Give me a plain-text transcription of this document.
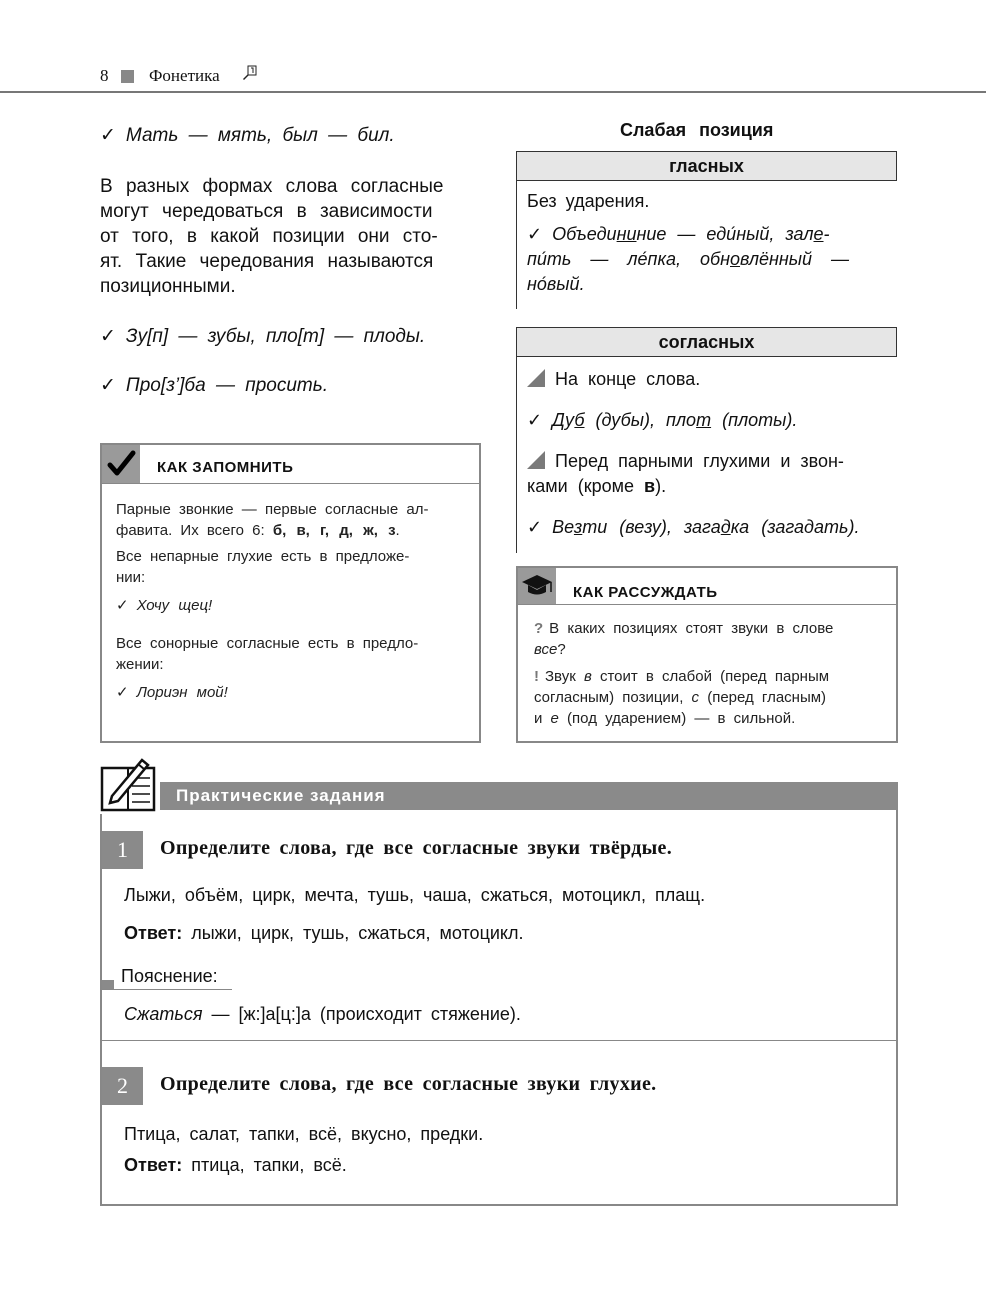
8 Фонетика
✓ Мать — мять, был — бил.
В разных формах слова согласные
могут чередоваться в зависимости
от того, в какой позиции они сто-
ят. Такие чередования называются
позиционными.
✓ Зу[п] — зубы, пло[т] — плоды.
✓ Про[з’]ба — просить.
Слабая позиция
гласных
Без ударения.
✓ Объедининие — еди́ный, зале-
пи́ть — ле́пка, обновлённый —
но́вый.
согласных
На конце слова.
✓ Дуб (дубы), плот (плоты).
Перед парными глухими и звон-
ками (кроме в).
✓ Везти (везу), загадка (загадать).
КАК ЗАПОМНИТЬ
Парные звонкие — первые согласные ал-
фавита. Их всего 6: б, в, г, д, ж, з.
Все непарные глухие есть в предложе-
нии:
✓ Хочу щец!
Все сонорные согласные есть в предло-
жении:
✓ Лориэн мой!
КАК РАССУЖДАТЬ
? В каких позициях стоят звуки в слове
все?
! Звук в стоит в слабой (перед парным
согласным) позиции, с (перед гласным)
и е (под ударением) — в сильной.
Практические задания
1	Определите слова, где все согласные звуки твёрдые.
Лыжи, объём, цирк, мечта, тушь, чаша, сжаться, мотоцикл, плащ.
Ответ: лыжи, цирк, тушь, сжаться, мотоцикл.
Пояснение:
Сжаться — [ж:]а[ц:]а (происходит стяжение).
2	Определите слова, где все согласные звуки глухие.
Птица, салат, тапки, всё, вкусно, предки.
Ответ: птица, тапки, всё.
